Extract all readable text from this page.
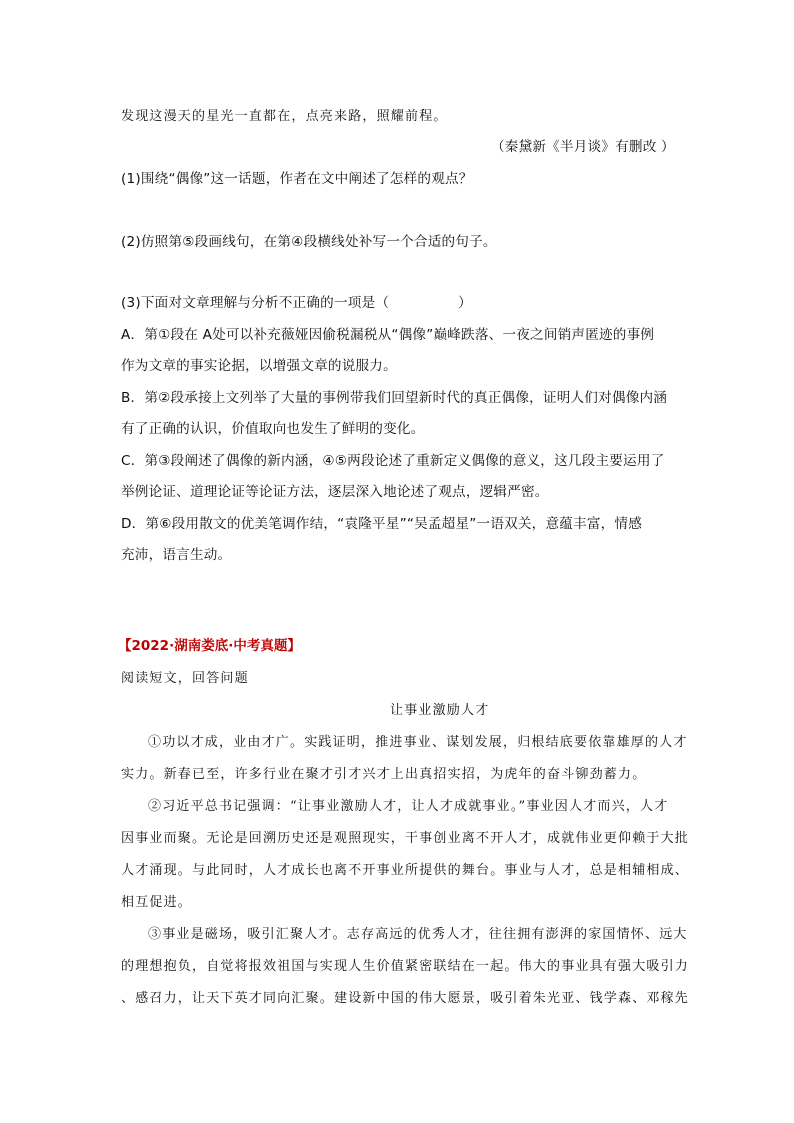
发现这漫天的星光一直都在，点亮来路，照耀前程。
（秦黛新《半月谈》有删改 ）
(1)围绕“偶像”这一话题，作者在文中阐述了怎样的观点？
(2)仿照第⑤段画线句，在第④段横线处补写一个合适的句子。
(3)下面对文章理解与分析不正确的一项是（　　　　　）
A．第①段在 A处可以补充薇娅因偷税漏税从“偶像”巅峰跌落、一夜之间销声匿迹的事例
作为文章的事实论据，以增强文章的说服力。
B．第②段承接上文列举了大量的事例带我们回望新时代的真正偶像，证明人们对偶像内涵
有了正确的认识，价值取向也发生了鲜明的变化。
C．第③段阐述了偶像的新内涵，④⑤两段论述了重新定义偶像的意义，这几段主要运用了
举例论证、道理论证等论证方法，逐层深入地论述了观点，逻辑严密。
D．第⑥段用散文的优美笔调作结，“袁隆平星”“吴孟超星”一语双关，意蕴丰富，情感
充沛，语言生动。
【2022·湖南娄底·中考真题】
阅读短文，回答问题
让事业激励人才
①功以才成，业由才广。实践证明，推进事业、谋划发展，归根结底要依靠雄厚的人才
实力。新春已至，许多行业在聚才引才兴才上出真招实招，为虎年的奋斗铆劲蓄力。
②习近平总书记强调：“让事业激励人才，让人才成就事业。”事业因人才而兴，人才
因事业而聚。无论是回溯历史还是观照现实，干事创业离不开人才，成就伟业更仰赖于大批
人才涌现。与此同时，人才成长也离不开事业所提供的舞台。事业与人才，总是相辅相成、
相互促进。
③事业是磁场，吸引汇聚人才。志存高远的优秀人才，往往拥有澎湃的家国情怀、远大
的理想抱负，自觉将报效祖国与实现人生价值紧密联结在一起。伟大的事业具有强大吸引力
、感召力，让天下英才同向汇聚。建设新中国的伟大愿景，吸引着朱光亚、钱学森、邓稼先
